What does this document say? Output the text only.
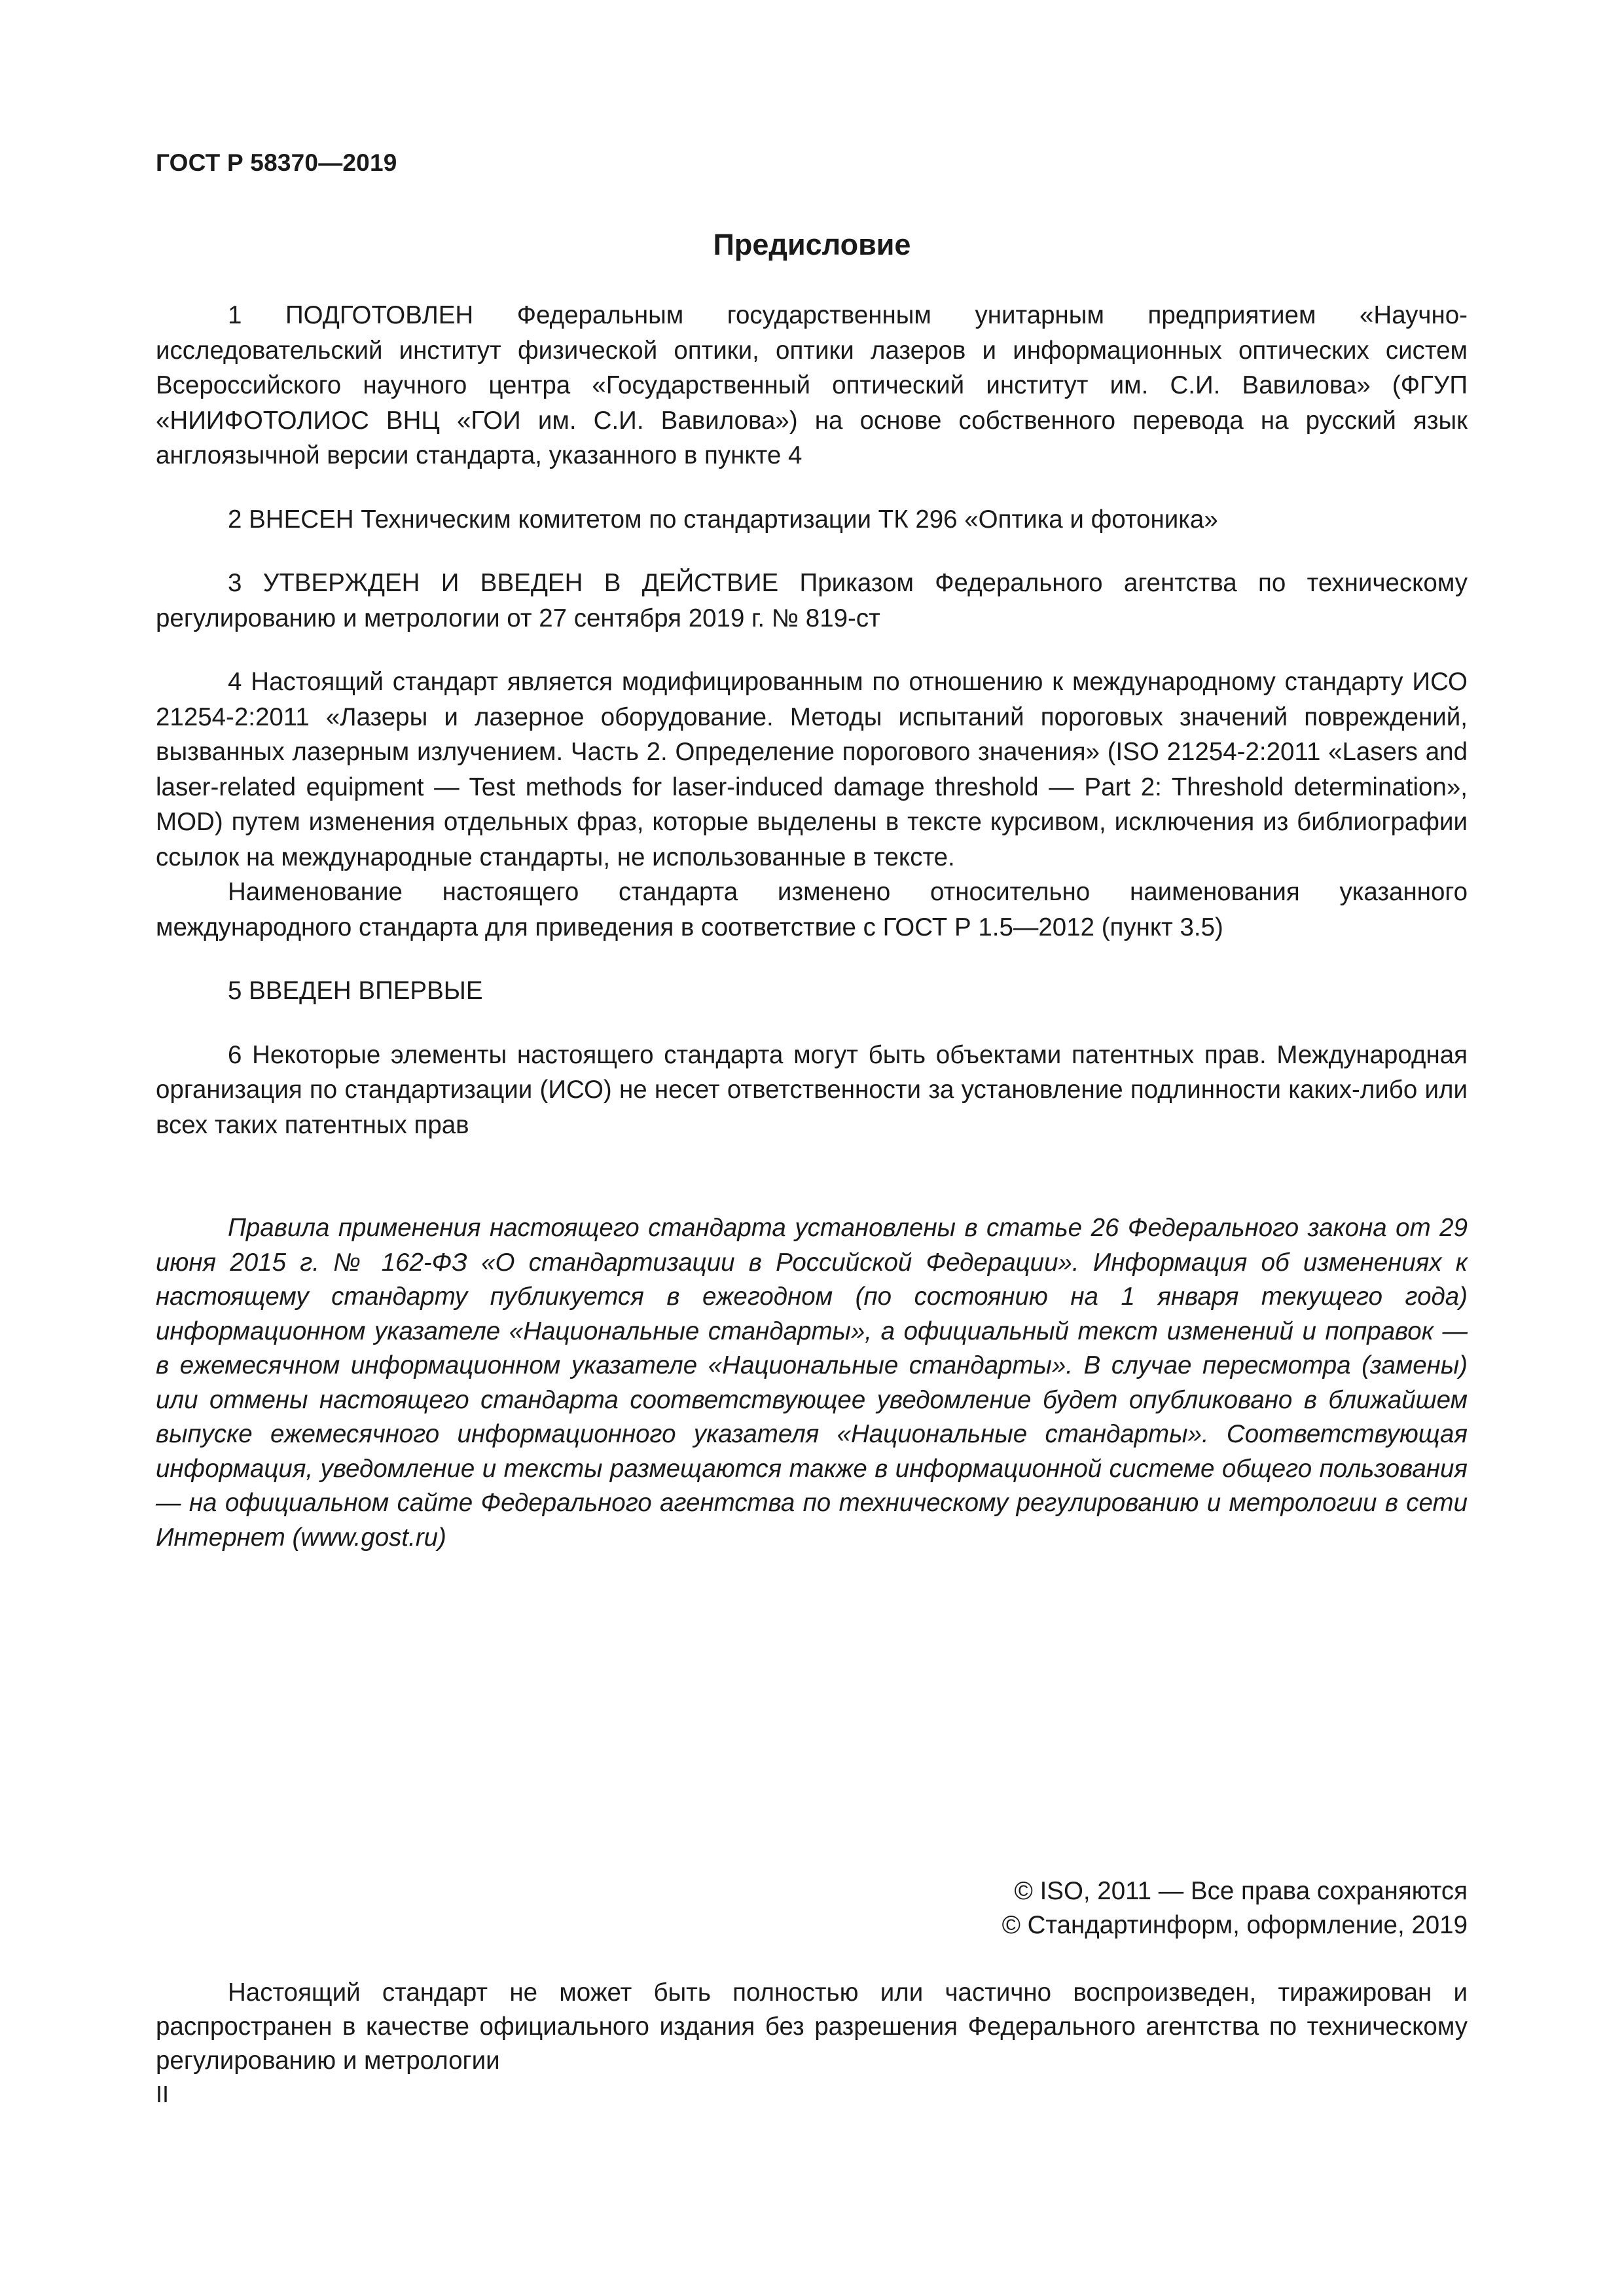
ГОСТ Р 58370—2019
Предисловие

1 ПОДГОТОВЛЕН Федеральным государственным унитарным предприятием «Научно-исследовательский институт физической оптики, оптики лазеров и информационных оптических систем Всероссийского научного центра «Государственный оптический институт им. С.И. Вавилова» (ФГУП «НИИФОТОЛИОС ВНЦ «ГОИ им. С.И. Вавилова») на основе собственного перевода на русский язык англоязычной версии стандарта, указанного в пункте 4

2 ВНЕСЕН Техническим комитетом по стандартизации ТК 296 «Оптика и фотоника»

3 УТВЕРЖДЕН И ВВЕДЕН В ДЕЙСТВИЕ Приказом Федерального агентства по техническому регулированию и метрологии от 27 сентября 2019 г. № 819-ст

4 Настоящий стандарт является модифицированным по отношению к международному стандарту ИСО 21254-2:2011 «Лазеры и лазерное оборудование. Методы испытаний пороговых значений повреждений, вызванных лазерным излучением. Часть 2. Определение порогового значения» (ISO 21254-2:2011 «Lasers and laser-related equipment — Test methods for laser-induced damage threshold — Part 2: Threshold determination», MOD) путем изменения отдельных фраз, которые выделены в тексте курсивом, исключения из библиографии ссылок на международные стандарты, не использованные в тексте.

Наименование настоящего стандарта изменено относительно наименования указанного международного стандарта для приведения в соответствие с ГОСТ Р 1.5—2012 (пункт 3.5)

5 ВВЕДЕН ВПЕРВЫЕ

6 Некоторые элементы настоящего стандарта могут быть объектами патентных прав. Международная организация по стандартизации (ИСО) не несет ответственности за установление подлинности каких-либо или всех таких патентных прав

Правила применения настоящего стандарта установлены в статье 26 Федерального закона от 29 июня 2015 г. № 162-ФЗ «О стандартизации в Российской Федерации». Информация об изменениях к настоящему стандарту публикуется в ежегодном (по состоянию на 1 января текущего года) информационном указателе «Национальные стандарты», а официальный текст изменений и поправок — в ежемесячном информационном указателе «Национальные стандарты». В случае пересмотра (замены) или отмены настоящего стандарта соответствующее уведомление будет опубликовано в ближайшем выпуске ежемесячного информационного указателя «Национальные стандарты». Соответствующая информация, уведомление и тексты размещаются также в информационной системе общего пользования — на официальном сайте Федерального агентства по техническому регулированию и метрологии в сети Интернет (www.gost.ru)

© ISO, 2011 — Все права сохраняются
© Стандартинформ, оформление, 2019

Настоящий стандарт не может быть полностью или частично воспроизведен, тиражирован и распространен в качестве официального издания без разрешения Федерального агентства по техническому регулированию и метрологии

II
